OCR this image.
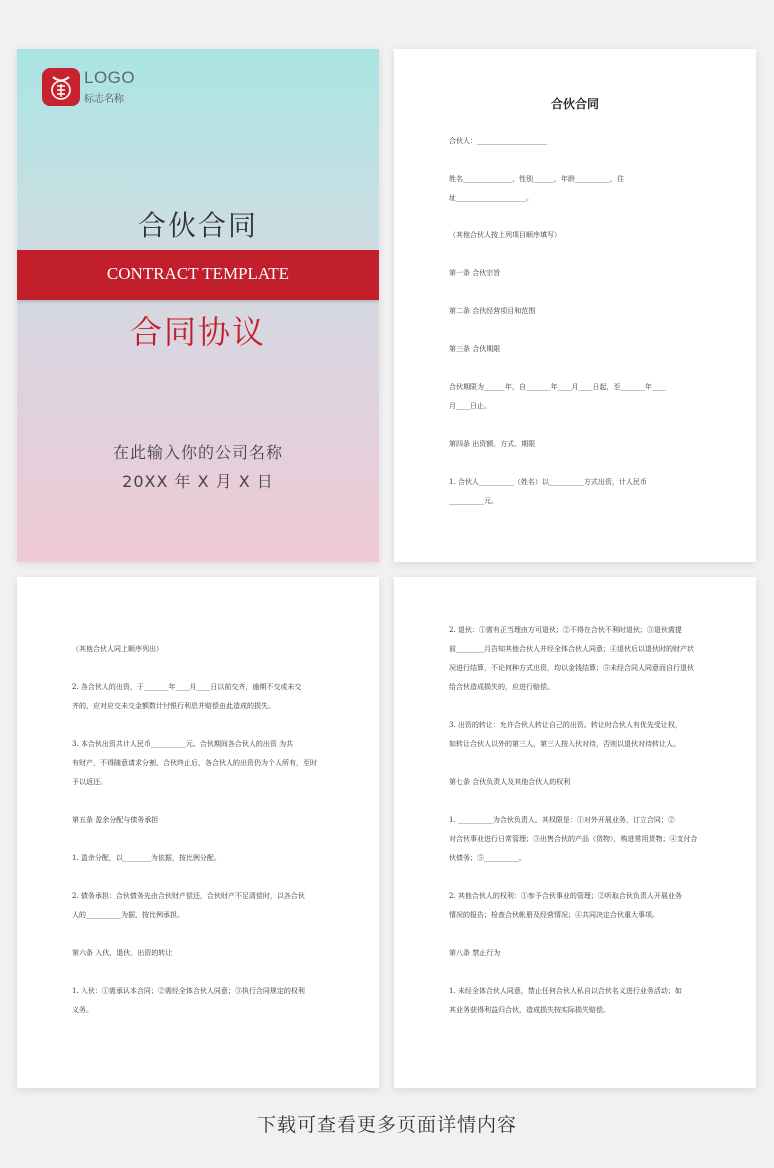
LOGO
标志名称
合伙合同
CONTRACT TEMPLATE
合同协议
在此输入你的公司名称
20XX 年 X 月 X 日
合伙合同
合伙人：____________________
姓名______________，性别______，年龄__________，住
址____________________。
（其他合伙人按上列项目顺序填写）
第一条 合伙宗旨
第二条 合伙经营项目和范围
第三条 合伙期限
合伙期限为______年，自_______年____月____日起，至_______年____
月____日止。
第四条 出资额、方式、期限
1. 合伙人__________（姓名）以__________方式出资，计人民币
__________元。
（其他合伙人同上顺序列出）
2. 各合伙人的出资，于_______年____月____日以前交齐，逾期不交或未交
齐的，应对应交未交金额数计付银行利息并赔偿由此造成的损失。
3. 本合伙出资共计人民币__________元。合伙期间各合伙人的出资 为共
有财产，不得随意请求分割，合伙终止后，各合伙人的出资仍为个人所有，至时
予以返还。
第五条 盈余分配与债务承担
1. 盈余分配，以________为依据，按比例分配。
2. 债务承担：合伙债务先由合伙财产偿还，合伙财产不足清偿时，以各合伙
人的__________为据，按比例承担。
第六条 入伙、退伙、出资的转让
1. 入伙：①需承认本合同；②需经全体合伙人同意；③执行合同规定的权利
义务。
2. 退伙：①需有正当理由方可退伙；②不得在合伙不利时退伙；③退伙需提
前________月告知其他合伙人并经全体合伙人同意；④退伙后以退伙时的财产状
况进行结算，不论何种方式出资，均以金钱结算；⑤未经合同人同意而自行退伙
给合伙造成损失的，应进行赔偿。
3. 出资的转让：允许合伙人转让自己的出资。转让时合伙人有优先受让权，
如转让合伙人以外的第三人，第三人按入伙对待，否则以退伙对待转让人。
第七条 合伙负责人及其他合伙人的权利
1. __________为合伙负责人。其权限是：①对外开展业务，订立合同；②
对合伙事业进行日常管理；③出售合伙的产品（货物），购进常用货物；④支付合
伙债务；⑤__________。
2. 其他合伙人的权利：①参予合伙事业的管理；②听取合伙负责人开展业务
情况的报告；检查合伙帐册及经营情况；④共同决定合伙重大事项。
第八条 禁止行为
1. 未经全体合伙人同意，禁止任何合伙人私自以合伙名义进行业务活动；如
其业务获得利益归合伙，造成损失按实际损失赔偿。
下载可查看更多页面详情内容
